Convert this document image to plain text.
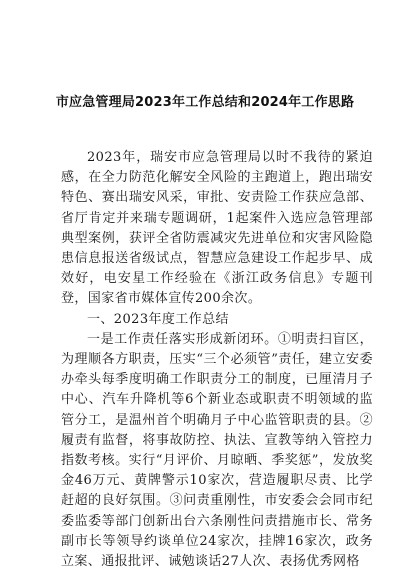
市应急管理局2023年工作总结和2024年工作思路

2023年，瑞安市应急管理局以时不我待的紧迫感，在全力防范化解安全风险的主跑道上，跑出瑞安特色、赛出瑞安风采，审批、安责险工作获应急部、省厅肯定并来瑞专题调研，1起案件入选应急管理部典型案例，获评全省防震减灾先进单位和灾害风险隐患信息报送省级试点，智慧应急建设工作起步早、成效好，电安星工作经验在《浙江政务信息》专题刊登，国家省市媒体宣传200余次。

一、2023年度工作总结

一是工作责任落实形成新闭环。①明责扫盲区，为理顺各方职责，压实“三个必须管”责任，建立安委办牵头每季度明确工作职责分工的制度，已厘清月子中心、汽车升降机等6个新业态或职责不明领域的监管分工，是温州首个明确月子中心监管职责的县。②履责有监督，将事故防控、执法、宣教等纳入管控力指数考核。实行“月评价、月晾晒、季奖惩”，发放奖金46万元、黄牌警示10家次，营造履职尽责、比学赶超的良好氛围。③问责重刚性，市安委会会同市纪委监委等部门创新出台六条刚性问责措施市长、常务副市长等领导约谈单位24家次，挂牌16家次，政务立案、通报批评、诫勉谈话27人次、表扬优秀网格
